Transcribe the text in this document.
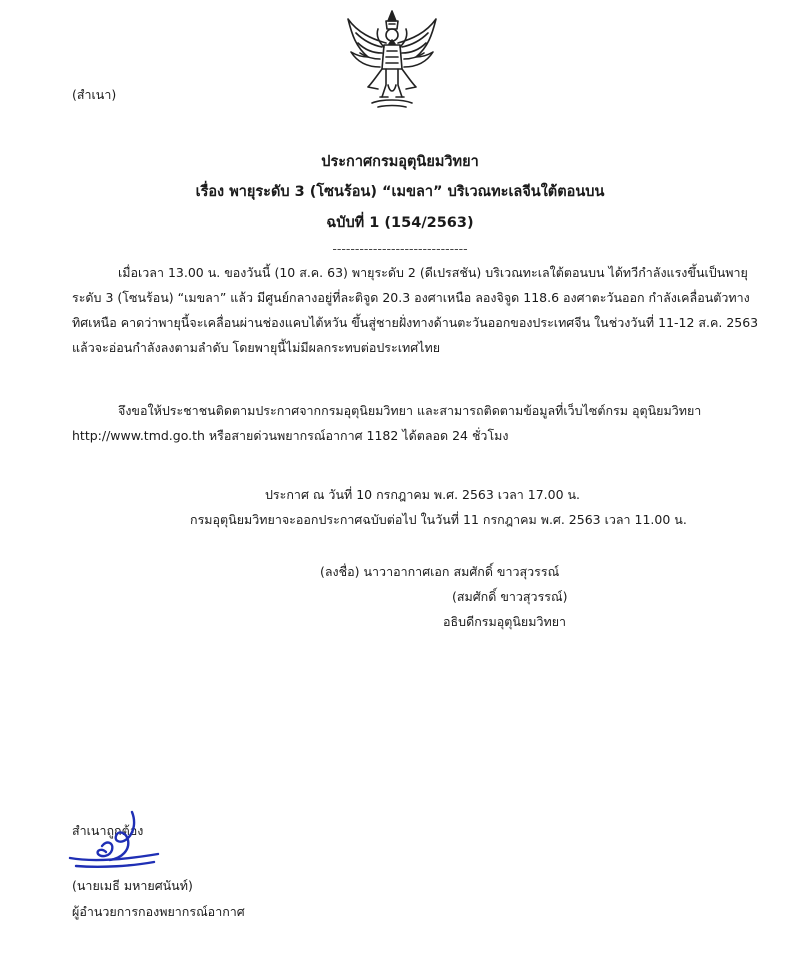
(สำเนา)
ประกาศกรมอุตุนิยมวิทยา
เรื่อง พายุระดับ 3 (โซนร้อน) “เมขลา” บริเวณทะเลจีนใต้ตอนบน
ฉบับที่ 1 (154/2563)
------------------------------
เมื่อเวลา 13.00 น. ของวันนี้ (10 ส.ค. 63) พายุระดับ 2 (ดีเปรสชัน) บริเวณทะเลใต้ตอนบน ได้ทวีกำลังแรงขึ้นเป็นพายุ
ระดับ 3 (โซนร้อน) “เมขลา” แล้ว มีศูนย์กลางอยู่ที่ละติจูด 20.3 องศาเหนือ ลองจิจูด 118.6 องศาตะวันออก กำลังเคลื่อนตัวทาง
ทิศเหนือ คาดว่าพายุนี้จะเคลื่อนผ่านช่องแคบไต้หวัน ขึ้นสู่ชายฝั่งทางด้านตะวันออกของประเทศจีน ในช่วงวันที่ 11-12 ส.ค. 2563
แล้วจะอ่อนกำลังลงตามลำดับ โดยพายุนี้ไม่มีผลกระทบต่อประเทศไทย
จึงขอให้ประชาชนติดตามประกาศจากกรมอุตุนิยมวิทยา และสามารถติดตามข้อมูลที่เว็บไซต์กรม อุตุนิยมวิทยา
http://www.tmd.go.th หรือสายด่วนพยากรณ์อากาศ 1182 ได้ตลอด 24 ชั่วโมง
ประกาศ ณ วันที่ 10 กรกฎาคม พ.ศ. 2563 เวลา 17.00 น.
กรมอุตุนิยมวิทยาจะออกประกาศฉบับต่อไป ในวันที่ 11 กรกฎาคม พ.ศ. 2563 เวลา 11.00 น.
(ลงชื่อ) นาวาอากาศเอก สมศักดิ์ ขาวสุวรรณ์
(สมศักดิ์ ขาวสุวรรณ์)
อธิบดีกรมอุตุนิยมวิทยา
สำเนาถูกต้อง
(นายเมธี มหายศนันท์)
ผู้อำนวยการกองพยากรณ์อากาศ
